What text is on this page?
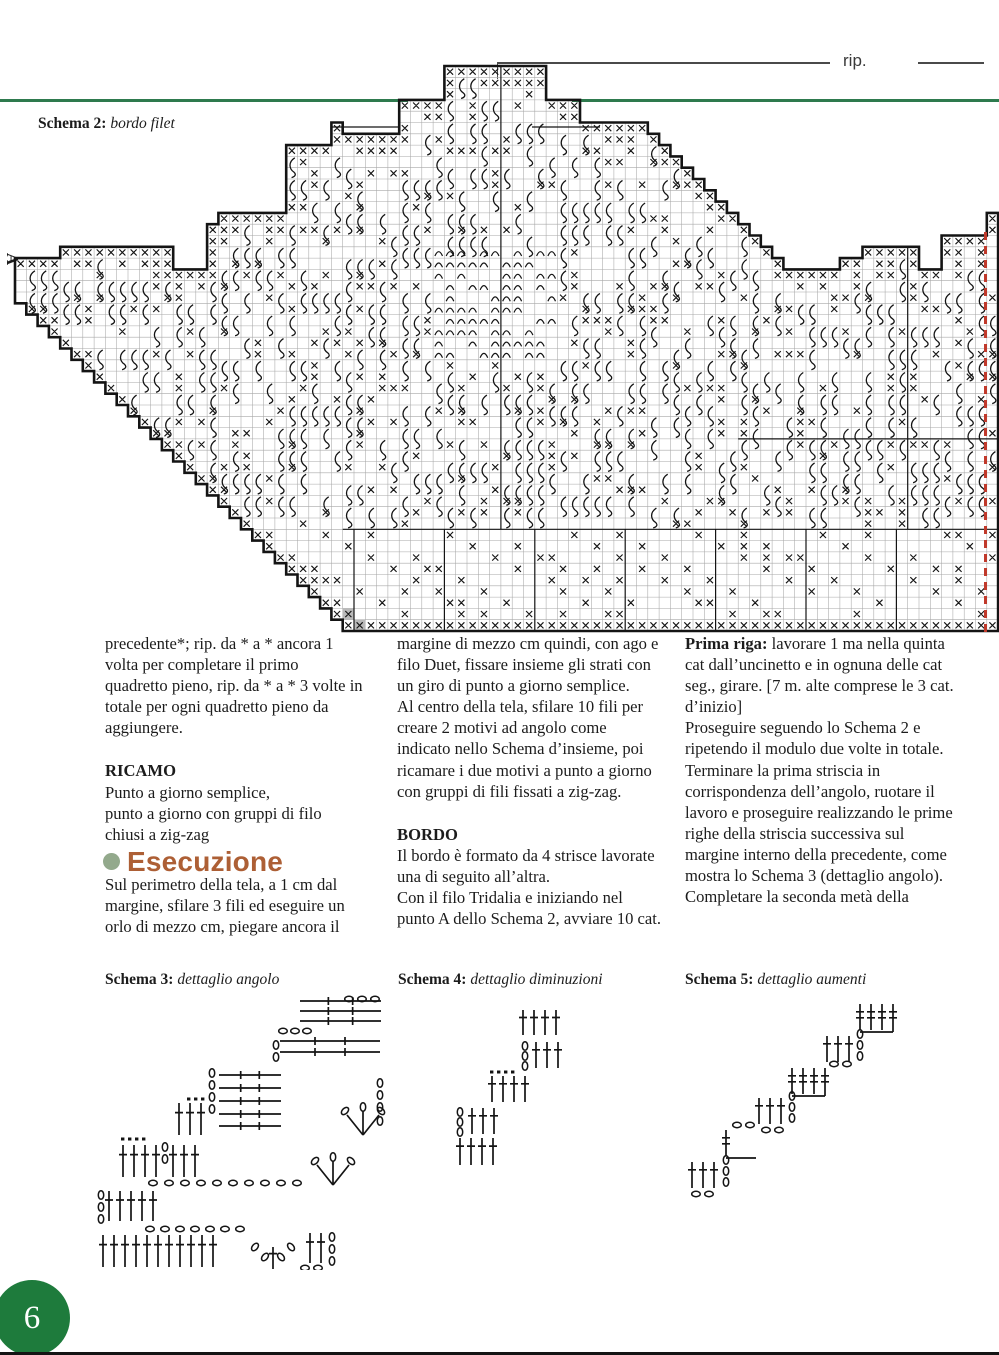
rip.
Schema 2: bordo filet
A

precedente*; rip. da * a * ancora 1 volta per completare il primo quadretto pieno, rip. da * a * 3 volte in totale per ogni quadretto pieno da aggiungere.

RICAMO

Punto a giorno semplice,

punto a giorno con gruppi di filo chiusi a zig-zag

Esecuzione

Sul perimetro della tela, a 1 cm dal margine, sfilare 3 fili ed eseguire un orlo di mezzo cm, piegare ancora il

margine di mezzo cm quindi, con ago e filo Duet, fissare insieme gli strati con un giro di punto a giorno semplice.

Al centro della tela, sfilare 10 fili per creare 2 motivi ad angolo come indicato nello Schema d’insieme, poi ricamare i due motivi a punto a giorno con gruppi di fili fissati a zig-zag.

BORDO

Il bordo è formato da 4 strisce lavorate una di seguito all’altra.

Con il filo Tridalia e iniziando nel punto A dello Schema 2, avviare 10 cat.

Prima riga: lavorare 1 ma nella quinta cat dall’uncinetto e in ognuna delle cat seg., girare. [7 m. alte comprese le 3 cat. d’inizio]

Proseguire seguendo lo Schema 2 e ripetendo il modulo due volte in totale. Terminare la prima striscia in corrispondenza dell’angolo, ruotare il lavoro e proseguire realizzando le prime righe della striscia successiva sul margine interno della precedente, come mostra lo Schema 3 (dettaglio angolo).

Completare la seconda metà della

Schema 3: dettaglio angolo	Schema 4: dettaglio diminuzioni	Schema 5: dettaglio aumenti
6
